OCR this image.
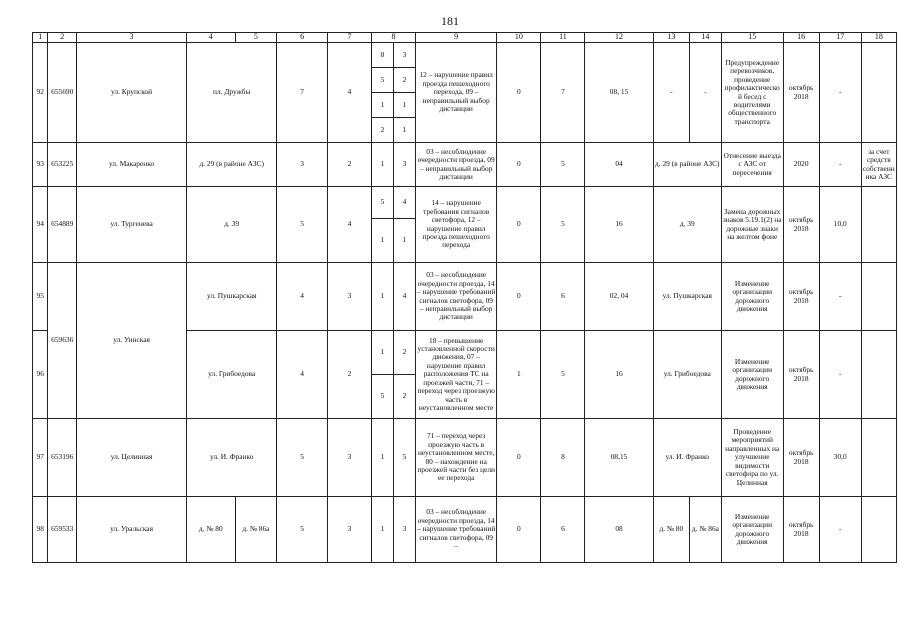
181
1	2	3	4	5	6	7	8		9	10	11	12	13	14	15	16	17	18
92	655690	ул. Крупской	пл. Дружбы		7	4	8	3	12 – нарушение правил проезда пешеходного перехода, 09 – неправильный выбор дистанции	0	7	08, 15	-	-	Предупреждение перевозчиков, проведение профилактической бесед с водителями общественного транспорта	октябрь 2018	-	
							5	2										
							1	1										
							2	1										
93	653225	ул. Макаренко	д. 29 (в районе АЗС)		3	2	1	3	03 – несоблюдение очередности проезда, 09 – неправильный выбор дистанции	0	5	04	д. 29 (в районе АЗС)		Отнесение выезда с АЗС от пересечения	2020	-	за счет средств собственника АЗС
94	654889	ул. Тургенева	д. 39		5	4	5	4	14 – нарушение требования сигналов светофора, 12 – нарушение правил проезда пешеходного перехода	0	5	16	д. 39		Замена дорожных знаков 5.19.1(2) на дорожные знаки на желтом фоне	октябрь 2018	10,0	
							1	1										
95	659636	ул. Уинская	ул. Пушкарская		4	3	1	4	03 – несоблюдение очередности проезда, 14 – нарушение требований сигналов светофора, 09 – неправильный выбор дистанции	0	6	02, 04	ул. Пушкарская		Изменение организации дорожного движения	октябрь 2018	-	
96			ул. Грибоедова		4	2	1	2	18 – превышение установленной скорости движения, 07 – нарушение правил расположения ТС на проезжей части, 71 – переход через проезжую часть в неустановленном месте	1	5	16	ул. Грибоедова		Изменение организации дорожного движения	октябрь 2018	-	
							5	2										
97	653196	ул. Целинная	ул. И. Франко		5	3	1	5	71 – переход через проезжую часть в неустановленном месте, 80 – нахождение на проезжей части без цели ее перехода	0	8	08,15	ул. И. Франко		Проведение мероприятий направленных на улучшение видимости светофора по ул. Целинная	октябрь 2018	30,0	
98	659533	ул. Уральская	д. № 80	д. № 86а	5	3	1	3	03 – несоблюдение очередности проезда, 14 – нарушение требований сигналов светофора, 09 –	0	6	08	д. № 80	д. № 86а	Изменение организации дорожного движения	октябрь 2018	-	
